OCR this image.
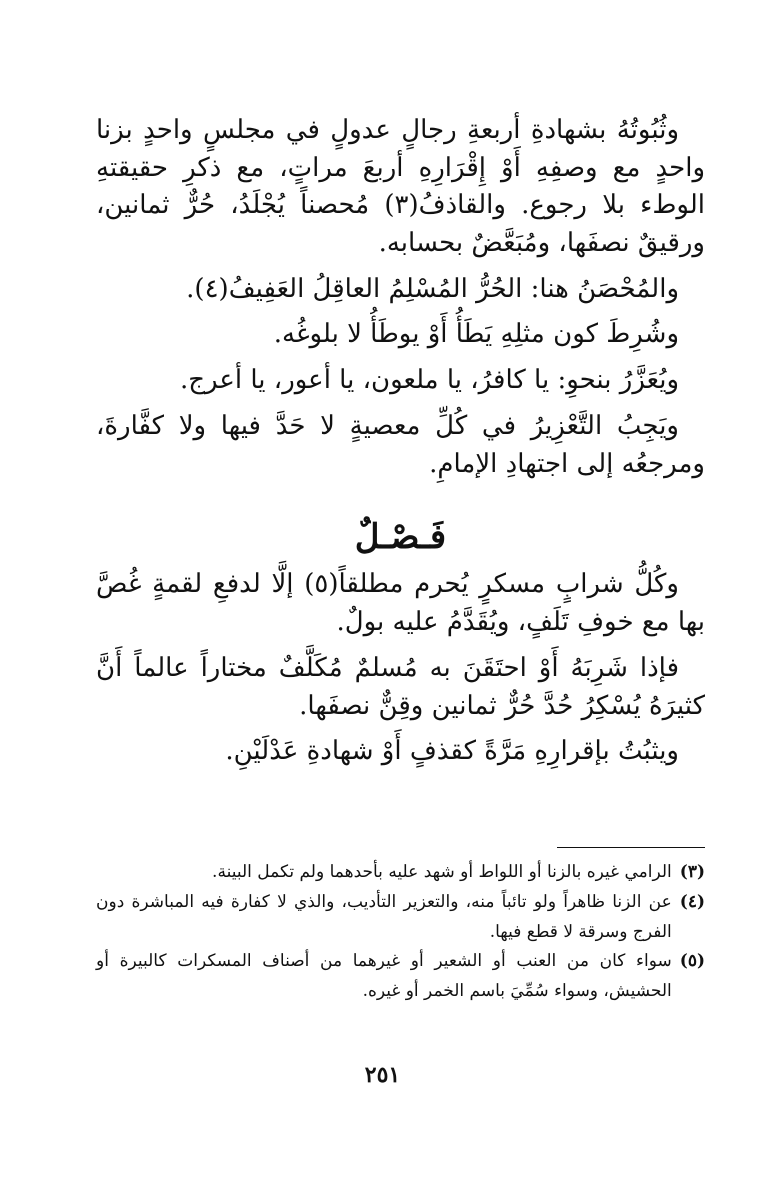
وثُبُوتُهُ بشهادةِ أربعةِ رجالٍ عدولٍ في مجلسٍ واحدٍ بزنا واحدٍ مع وصفِهِ أَوْ إِقْرَارِهِ أربعَ مراتٍ، مع ذكرِ حقيقتهِ الوطء بلا رجوع. والقاذفُ(٣) مُحصناً يُجْلَدُ، حُرٌّ ثمانين، ورقيقٌ نصفَها، ومُبَعَّضٌ بحسابه.

والمُحْصَنُ هنا: الحُرُّ المُسْلِمُ العاقِلُ العَفِيفُ(٤).

وشُرِطَ كون مثلِهِ يَطَأُ أَوْ يوطَأُ لا بلوغُه.

ويُعَزَّرُ بنحوِ: يا كافرُ، يا ملعون، يا أعور، يا أعرج.

ويَجِبُ التَّعْزِيرُ في كُلِّ معصيةٍ لا حَدَّ فيها ولا كفَّارةَ، ومرجعُه إلى اجتهادِ الإمامِ.

فَـصْـلٌ

وكُلُّ شرابٍ مسكرٍ يُحرم مطلقاً(٥) إلَّا لدفعِ لقمةٍ غُصَّ بها مع خوفِ تَلَفٍ، ويُقَدَّمُ عليه بولٌ.

فإذا شَرِبَهُ أَوْ احتَقَنَ به مُسلمٌ مُكَلَّفٌ مختاراً عالماً أَنَّ كثيرَهُ يُسْكِرُ حُدَّ حُرٌّ ثمانين وقِنٌّ نصفَها.

ويثبُتُ بإقرارِهِ مَرَّةً كقذفٍ أَوْ شهادةِ عَدْلَيْنِ.

(٣)
الرامي غيره بالزنا أو اللواط أو شهد عليه بأحدهما ولم تكمل البينة.
(٤)
عن الزنا ظاهراً ولو تائباً منه، والتعزير التأديب، والذي لا كفارة فيه المباشرة دون الفرج وسرقة لا قطع فيها.
(٥)
سواء كان من العنب أو الشعير أو غيرهما من أصناف المسكرات كالبيرة أو الحشيش، وسواء سُمِّيَ باسم الخمر أو غيره.
٢٥١
